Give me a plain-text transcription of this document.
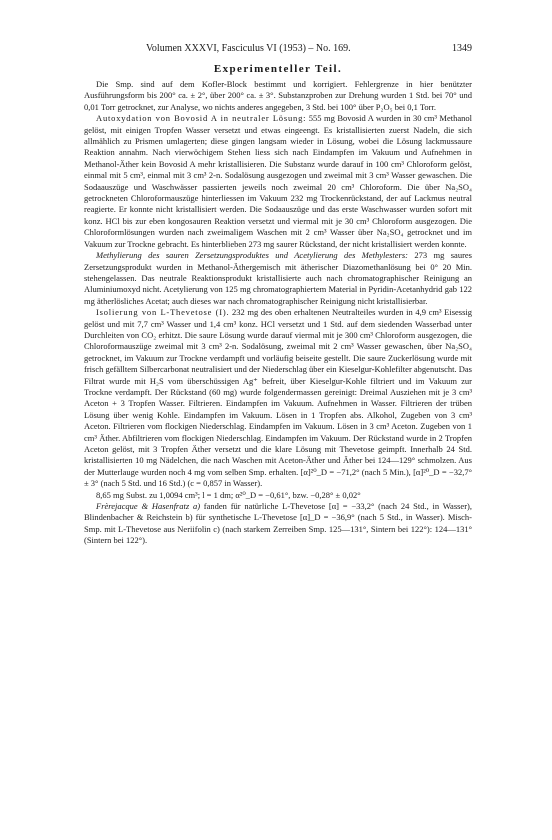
Volumen XXXVI, Fasciculus VI (1953) – No. 169.	1349
Experimenteller Teil.

Die Smp. sind auf dem Kofler-Block bestimmt und korrigiert. Fehlergrenze in hier benützter Ausführungsform bis 200° ca. ± 2°, über 200° ca. ± 3°. Substanzproben zur Drehung wurden 1 Std. bei 70° und 0,01 Torr getrocknet, zur Analyse, wo nichts anderes angegeben, 3 Std. bei 100° über P₂O₅ bei 0,1 Torr.

Autoxydation von Bovosid A in neutraler Lösung: 555 mg Bovosid A wurden in 30 cm³ Methanol gelöst, mit einigen Tropfen Wasser versetzt und etwas eingeengt. Es kristallisierten zuerst Nadeln, die sich allmählich zu Prismen umlagerten; diese gingen langsam wieder in Lösung, wobei die Lösung lackmussaure Reaktion annahm. Nach vierwöchigem Stehen liess sich nach Eindampfen im Vakuum und Aufnehmen in Methanol-Äther kein Bovosid A mehr kristallisieren. Die Substanz wurde darauf in 100 cm³ Chloroform gelöst, einmal mit 5 cm³, einmal mit 3 cm³ 2-n. Sodalösung ausgezogen und zweimal mit 3 cm³ Wasser gewaschen. Die Sodaauszüge und Waschwässer passierten jeweils noch zweimal 20 cm³ Chloroform. Die über Na₂SO₄ getrockneten Chloroformauszüge hinterliessen im Vakuum 232 mg Trockenrückstand, der auf Lackmus neutral reagierte. Er konnte nicht kristallisiert werden. Die Sodaauszüge und das erste Waschwasser wurden sofort mit konz. HCl bis zur eben kongosauren Reaktion versetzt und viermal mit je 30 cm³ Chloroform ausgezogen. Die Chloroformlösungen wurden nach zweimaligem Waschen mit 2 cm³ Wasser über Na₂SO₄ getrocknet und im Vakuum zur Trockne gebracht. Es hinterblieben 273 mg saurer Rückstand, der nicht kristallisiert werden konnte.

Methylierung des sauren Zersetzungsproduktes und Acetylierung des Methylesters: 273 mg saures Zersetzungsprodukt wurden in Methanol-Äthergemisch mit ätherischer Diazomethanlösung bei 0° 20 Min. stehengelassen. Das neutrale Reaktionsprodukt kristallisierte auch nach chromatographischer Reinigung an Aluminiumoxyd nicht. Acetylierung von 125 mg chromatographiertem Material in Pyridin-Acetanhydrid gab 122 mg ätherlösliches Acetat; auch dieses war nach chromatographischer Reinigung nicht kristallisierbar.

Isolierung von L-Thevetose (I). 232 mg des oben erhaltenen Neutralteiles wurden in 4,9 cm³ Eisessig gelöst und mit 7,7 cm³ Wasser und 1,4 cm³ konz. HCl versetzt und 1 Std. auf dem siedenden Wasserbad unter Durchleiten von CO₂ erhitzt. Die saure Lösung wurde darauf viermal mit je 300 cm³ Chloroform ausgezogen, die Chloroformauszüge zweimal mit 3 cm³ 2-n. Sodalösung, zweimal mit 2 cm³ Wasser gewaschen, über Na₂SO₄ getrocknet, im Vakuum zur Trockne verdampft und vorläufig beiseite gestellt. Die saure Zuckerlösung wurde mit frisch gefälltem Silbercarbonat neutralisiert und der Niederschlag über ein Kieselgur-Kohlefilter abgenutscht. Das Filtrat wurde mit H₂S vom überschüssigen Ag⁺ befreit, über Kieselgur-Kohle filtriert und im Vakuum zur Trockne verdampft. Der Rückstand (60 mg) wurde folgendermassen gereinigt: Dreimal Ausziehen mit je 3 cm³ Aceton + 3 Tropfen Wasser. Filtrieren. Eindampfen im Vakuum. Aufnehmen in Wasser. Filtrieren der trüben Lösung über wenig Kohle. Eindampfen im Vakuum. Lösen in 1 Tropfen abs. Alkohol, Zugeben von 3 cm³ Aceton. Filtrieren vom flockigen Niederschlag. Eindampfen im Vakuum. Lösen in 3 cm³ Aceton. Zugeben von 1 cm³ Äther. Abfiltrieren vom flockigen Niederschlag. Eindampfen im Vakuum. Der Rückstand wurde in 2 Tropfen Aceton gelöst, mit 3 Tropfen Äther versetzt und die klare Lösung mit Thevetose geimpft. Innerhalb 24 Std. kristallisierten 10 mg Nädelchen, die nach Waschen mit Aceton-Äther und Äther bei 124—129° schmolzen. Aus der Mutterlauge wurden noch 4 mg vom selben Smp. erhalten. [α]²⁰_D = −71,2° (nach 5 Min.), [α]²⁰_D = −32,7° ± 3° (nach 5 Std. und 16 Std.) (c = 0,857 in Wasser).

8,65 mg Subst. zu 1,0094 cm³; l = 1 dm; α²⁰_D = −0,61°, bzw. −0,28° ± 0,02°

Frèrejacque & Hasenfratz a) fanden für natürliche L-Thevetose [α] = −33,2° (nach 24 Std., in Wasser), Blindenbacher & Reichstein b) für synthetische L-Thevetose [α]_D = −36,9° (nach 5 Std., in Wasser). Misch-Smp. mit L-Thevetose aus Neriifolin c) (nach starkem Zerreiben Smp. 125—131°, Sintern bei 122°): 124—131° (Sintern bei 122°).
